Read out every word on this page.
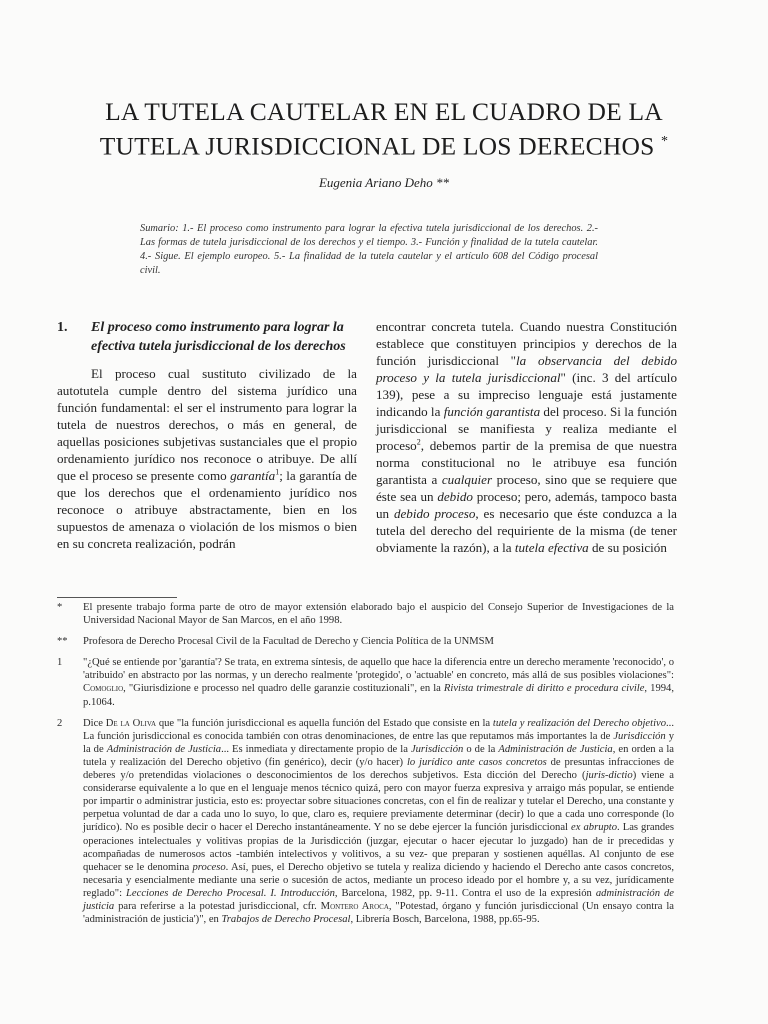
LA TUTELA CAUTELAR EN EL CUADRO DE LA
TUTELA JURISDICCIONAL DE LOS DERECHOS *
Eugenia Ariano Deho **
Sumario: 1.- El proceso como instrumento para lograr la efectiva tutela jurisdiccional de los derechos. 2.- Las formas de tutela jurisdiccional de los derechos y el tiempo. 3.- Función y finalidad de la tutela cautelar. 4.- Sigue. El ejemplo europeo. 5.- La finalidad de la tutela cautelar y el artículo 608 del Código procesal civil.
1.	El proceso como instrumento para lograr la efectiva tutela jurisdiccional de los derechos

El proceso cual sustituto civilizado de la autotutela cumple dentro del sistema jurídico una función fundamental: el ser el instrumento para lograr la tutela de nuestros derechos, o más en general, de aquellas posiciones subjetivas sustanciales que el propio ordenamiento jurídico nos reconoce o atribuye. De allí que el proceso se presente como garantía$^1$; la garantía de que los derechos que el ordenamiento jurídico nos reconoce o atribuye abstractamente, bien en los supuestos de amenaza o violación de los mismos o bien en su concreta realización, podrán

encontrar concreta tutela. Cuando nuestra Constitución establece que constituyen principios y derechos de la función jurisdiccional "la observancia del debido proceso y la tutela jurisdiccional" (inc. 3 del artículo 139), pese a su impreciso lenguaje está justamente indicando la función garantista del proceso. Si la función jurisdiccional se manifiesta y realiza mediante el proceso$^2$, debemos partir de la premisa de que nuestra norma constitucional no le atribuye esa función garantista a cualquier proceso, sino que se requiere que éste sea un debido proceso; pero, además, tampoco basta un debido proceso, es necesario que éste conduzca a la tutela del derecho del requiriente de la misma (de tener obviamente la razón), a la tutela efectiva de su posición

*	El presente trabajo forma parte de otro de mayor extensión elaborado bajo el auspicio del Consejo Superior de Investigaciones de la Universidad Nacional Mayor de San Marcos, en el año 1998.
**	Profesora de Derecho Procesal Civil de la Facultad de Derecho y Ciencia Política de la UNMSM
1	"¿Qué se entiende por 'garantía'? Se trata, en extrema síntesis, de aquello que hace la diferencia entre un derecho meramente 'reconocido', o 'atribuido' en abstracto por las normas, y un derecho realmente 'protegido', o 'actuable' en concreto, más allá de sus posibles violaciones": Comoglio, "Giurisdizione e processo nel quadro delle garanzie costituzionali", en la Rivista trimestrale di diritto e procedura civile, 1994, p.1064.
2	Dice De la Oliva que "la función jurisdiccional es aquella función del Estado que consiste en la tutela y realización del Derecho objetivo... La función jurisdiccional es conocida también con otras denominaciones, de entre las que reputamos más importantes la de Jurisdicción y la de Administración de Justicia... Es inmediata y directamente propio de la Jurisdicción o de la Administración de Justicia, en orden a la tutela y realización del Derecho objetivo (fin genérico), decir (y/o hacer) lo jurídico ante casos concretos de presuntas infracciones de deberes y/o pretendidas violaciones o desconocimientos de los derechos subjetivos. Esta dicción del Derecho (juris-dictio) viene a considerarse equivalente a lo que en el lenguaje menos técnico quizá, pero con mayor fuerza expresiva y arraigo más popular, se entiende por impartir o administrar justicia, esto es: proyectar sobre situaciones concretas, con el fin de realizar y tutelar el Derecho, una constante y perpetua voluntad de dar a cada uno lo suyo, lo que, claro es, requiere previamente determinar (decir) lo que a cada uno corresponde (lo jurídico). No es posible decir o hacer el Derecho instantáneamente. Y no se debe ejercer la función jurisdiccional ex abrupto. Las grandes operaciones intelectuales y volitivas propias de la Jurisdicción (juzgar, ejecutar o hacer ejecutar lo juzgado) han de ir precedidas y acompañadas de numerosos actos -también intelectivos y volitivos, a su vez- que preparan y sostienen aquéllas. Al conjunto de ese quehacer se le denomina proceso. Así, pues, el Derecho objetivo se tutela y realiza diciendo y haciendo el Derecho ante casos concretos, necesaria y esencialmente mediante una serie o sucesión de actos, mediante un proceso ideado por el hombre y, a su vez, jurídicamente reglado": Lecciones de Derecho Procesal. I. Introducción, Barcelona, 1982, pp. 9-11. Contra el uso de la expresión administración de justicia para referirse a la potestad jurisdiccional, cfr. Montero Aroca, "Potestad, órgano y función jurisdiccional (Un ensayo contra la 'administración de justicia')", en Trabajos de Derecho Procesal, Librería Bosch, Barcelona, 1988, pp.65-95.
